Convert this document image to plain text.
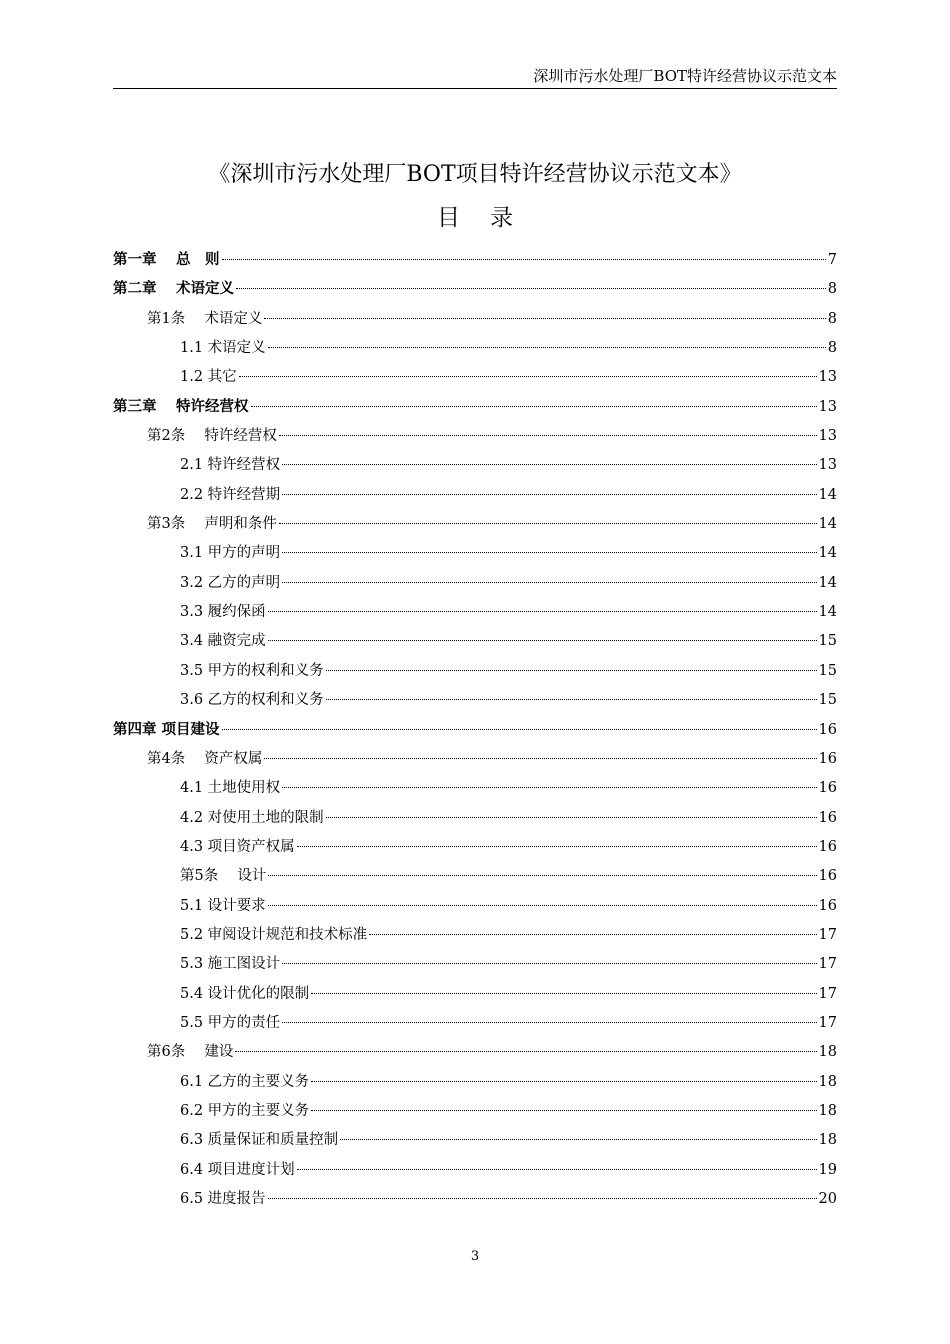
深圳市污水处理厂BOT特许经营协议示范文本
《深圳市污水处理厂BOT项目特许经营协议示范文本》
目录
第一章　 总　则	7
第二章　 术语定义	8
第1条　 术语定义	8
1.1 术语定义	8
1.2 其它	13
第三章　 特许经营权	13
第2条　 特许经营权	13
2.1 特许经营权	13
2.2 特许经营期	14
第3条　 声明和条件	14
3.1 甲方的声明	14
3.2 乙方的声明	14
3.3 履约保函	14
3.4 融资完成	15
3.5 甲方的权利和义务	15
3.6 乙方的权利和义务	15
第四章 项目建设	16
第4条　 资产权属	16
4.1 土地使用权	16
4.2 对使用土地的限制	16
4.3 项目资产权属	16
第5条　 设计	16
5.1 设计要求	16
5.2 审阅设计规范和技术标准	17
5.3 施工图设计	17
5.4 设计优化的限制	17
5.5 甲方的责任	17
第6条　 建设	18
6.1 乙方的主要义务	18
6.2 甲方的主要义务	18
6.3 质量保证和质量控制	18
6.4 项目进度计划	19
6.5 进度报告	20
3
